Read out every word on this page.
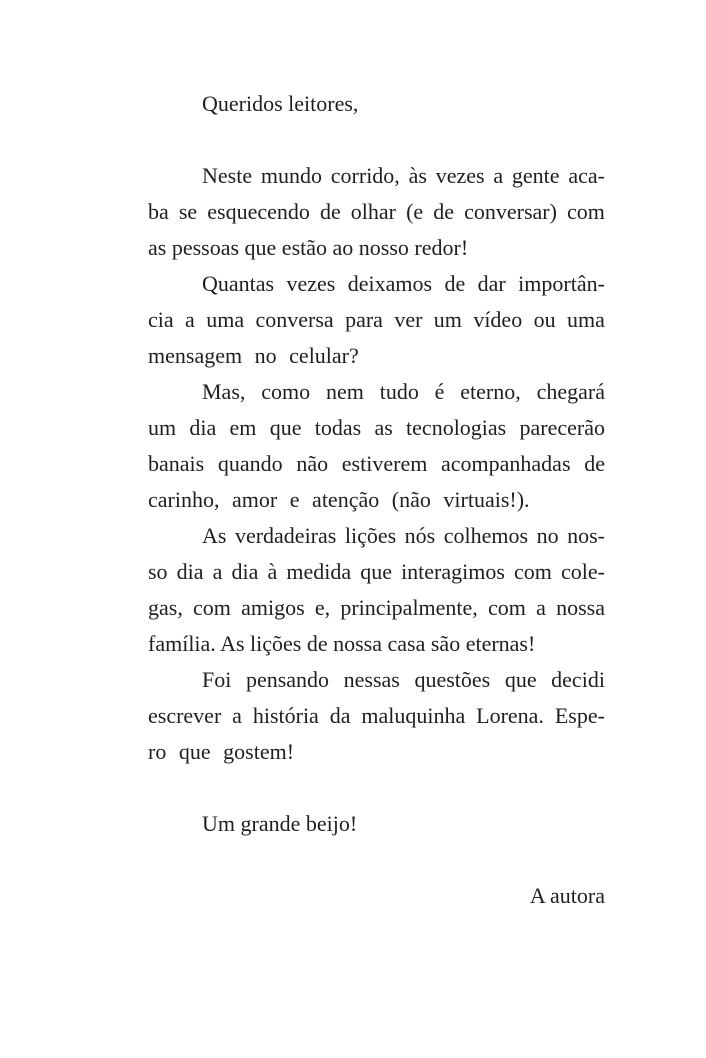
Queridos leitores,
Neste mundo corrido, às vezes a gente aca-
ba se esquecendo de olhar (e de conversar) com
as pessoas que estão ao nosso redor!
Quantas vezes deixamos de dar importân-
cia a uma conversa para ver um vídeo ou uma
mensagem no celular?
Mas, como nem tudo é eterno, chegará
um dia em que todas as tecnologias parecerão
banais quando não estiverem acompanhadas de
carinho, amor e atenção (não virtuais!).
As verdadeiras lições nós colhemos no nos-
so dia a dia à medida que interagimos com cole-
gas, com amigos e, principalmente, com a nossa
família. As lições de nossa casa são eternas!
Foi pensando nessas questões que decidi
escrever a história da maluquinha Lorena. Espe-
ro que gostem!
Um grande beijo!
A autora
